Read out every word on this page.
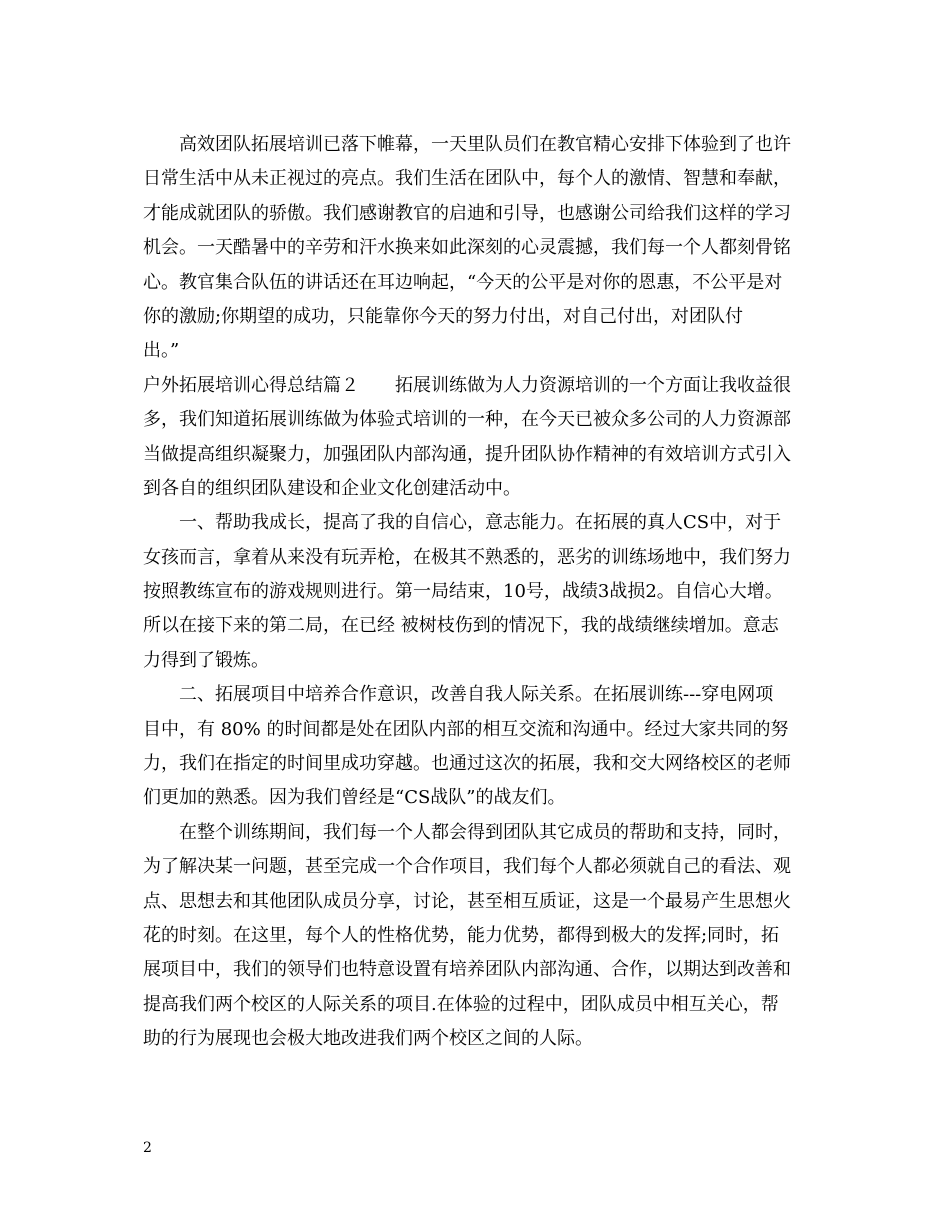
高效团队拓展培训已落下帷幕，一天里队员们在教官精心安排下体验到了也许
日常生活中从未正视过的亮点。我们生活在团队中，每个人的激情、智慧和奉献，
才能成就团队的骄傲。我们感谢教官的启迪和引导，也感谢公司给我们这样的学习
机会。一天酷暑中的辛劳和汗水换来如此深刻的心灵震撼，我们每一个人都刻骨铭
心。教官集合队伍的讲话还在耳边响起，“今天的公平是对你的恩惠，不公平是对
你的激励;你期望的成功，只能靠你今天的努力付出，对自己付出，对团队付
出。”
户外拓展培训心得总结篇２　　拓展训练做为人力资源培训的一个方面让我收益很
多，我们知道拓展训练做为体验式培训的一种，在今天已被众多公司的人力资源部
当做提高组织凝聚力，加强团队内部沟通，提升团队协作精神的有效培训方式引入
到各自的组织团队建设和企业文化创建活动中。
一、帮助我成长，提高了我的自信心，意志能力。在拓展的真人CS中，对于
女孩而言，拿着从来没有玩弄枪，在极其不熟悉的，恶劣的训练场地中，我们努力
按照教练宣布的游戏规则进行。第一局结束，10号，战绩3战损2。自信心大增。
所以在接下来的第二局，在已经 被树枝伤到的情况下，我的战绩继续增加。意志
力得到了锻炼。
二、拓展项目中培养合作意识，改善自我人际关系。在拓展训练---穿电网项
目中，有 80% 的时间都是处在团队内部的相互交流和沟通中。经过大家共同的努
力，我们在指定的时间里成功穿越。也通过这次的拓展，我和交大网络校区的老师
们更加的熟悉。因为我们曾经是“CS战队”的战友们。
在整个训练期间，我们每一个人都会得到团队其它成员的帮助和支持，同时，
为了解决某一问题，甚至完成一个合作项目，我们每个人都必须就自己的看法、观
点、思想去和其他团队成员分享，讨论，甚至相互质证，这是一个最易产生思想火
花的时刻。在这里，每个人的性格优势，能力优势，都得到极大的发挥;同时，拓
展项目中，我们的领导们也特意设置有培养团队内部沟通、合作，以期达到改善和
提高我们两个校区的人际关系的项目.在体验的过程中，团队成员中相互关心，帮
助的行为展现也会极大地改进我们两个校区之间的人际。
2
